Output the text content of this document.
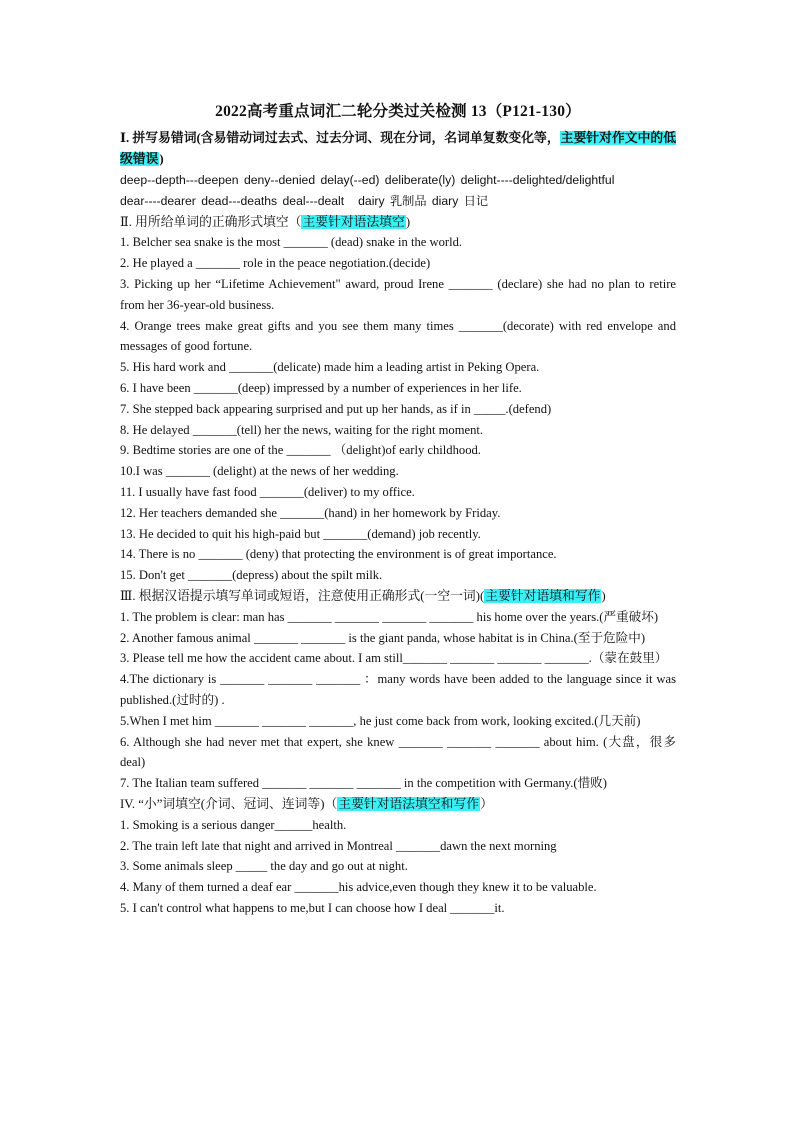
2022高考重点词汇二轮分类过关检测 13（P121-130）
Ⅰ. 拼写易错词(含易错动词过去式、过去分词、现在分词，名词单复数变化等，主要针对作文中的低级错误)
deep--depth---deepen deny--denied delay(--ed) deliberate(ly) delight----delighted/delightful
dear----dearer dead---deaths deal---dealt dairy 乳制品 diary 日记
Ⅱ. 用所给单词的正确形式填空（主要针对语法填空)
1. Belcher sea snake is the most _______ (dead) snake in the world.
2. He played a _______ role in the peace negotiation.(decide)
3. Picking up her “Lifetime Achievement" award, proud Irene _______ (declare) she had no plan to retire from her 36-year-old business.
4. Orange trees make great gifts and you see them many times _______(decorate) with red envelope and messages of good fortune.
5. His hard work and _______(delicate) made him a leading artist in Peking Opera.
6. I have been _______(deep) impressed by a number of experiences in her life.
7. She stepped back appearing surprised and put up her hands, as if in _____.(defend)
8. He delayed _______(tell) her the news, waiting for the right moment.
9. Bedtime stories are one of the _______ （delight)of early childhood.
10.I was _______ (delight) at the news of her wedding.
11. I usually have fast food _______(deliver) to my office.
12. Her teachers demanded she _______(hand) in her homework by Friday.
13. He decided to quit his high-paid but _______(demand) job recently.
14. There is no _______ (deny) that protecting the environment is of great importance.
15. Don't get _______(depress) about the spilt milk.
Ⅲ. 根据汉语提示填写单词或短语，注意使用正确形式(一空一词)(主要针对语填和写作)
1. The problem is clear: man has _______ _______ _______ _______ his home over the years.(严重破坏)
2. Another famous animal _______ _______ is the giant panda, whose habitat is in China.(至于危险中)
3. Please tell me how the accident came about. I am still_______ _______ _______ _______.（蒙在鼓里）
4.The dictionary is _______ _______ _______ ：many words have been added to the language since it was published.(过时的) .
5.When I met him _______ _______ _______, he just come back from work, looking excited.(几天前)
6. Although she had never met that expert, she knew _______ _______ _______ about him. (大盘，很多 deal)
7. The Italian team suffered _______ _______ _______ in the competition with Germany.(惜败)
IV. “小”词填空(介词、冠词、连词等)（主要针对语法填空和写作）
1. Smoking is a serious danger______health.
2. The train left late that night and arrived in Montreal _______dawn the next morning
3. Some animals sleep _____ the day and go out at night.
4. Many of them turned a deaf ear _______his advice,even though they knew it to be valuable.
5. I can't control what happens to me,but I can choose how I deal _______it.
